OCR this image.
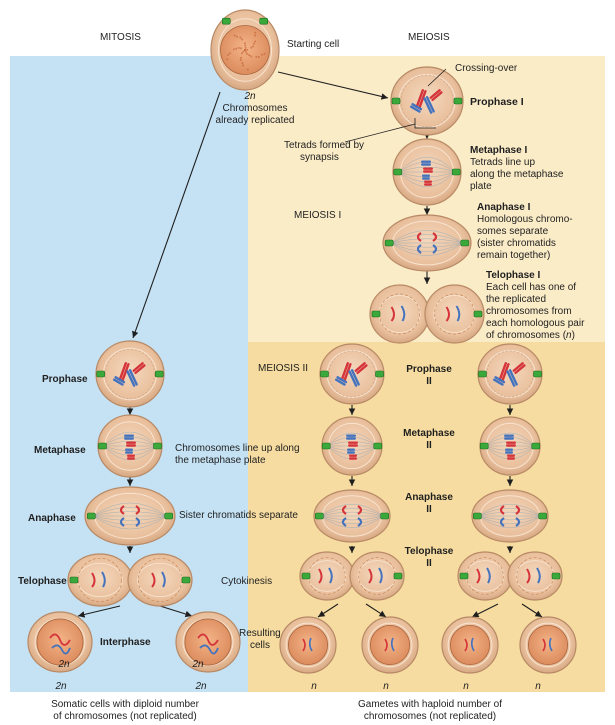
MITOSIS	MEIOSIS
Starting cell
2n
Chromosomes
already replicated
Crossing-over
Prophase I
Tetrads formed by
synapsis
Metaphase I
Tetrads line up
along the metaphase
plate
MEIOSIS I
Anaphase I
Homologous chromo-
somes separate
(sister chromatids
remain together)
Telophase I
Each cell has one of
the replicated
chromosomes from
each homologous pair
of chromosomes (n)
MEIOSIS II	Prophase
II
Metaphase
II
Anaphase
II
Telophase
II
Prophase
Metaphase
Anaphase
Telophase
Interphase
Chromosomes line up along
the metaphase plate
Sister chromatids separate
Cytokinesis
Resulting
cells
2n	2n
2n
2n
n	n	n	n
Somatic cells with diploid number
of chromosomes (not replicated)
Gametes with haploid number of
chromosomes (not replicated)
